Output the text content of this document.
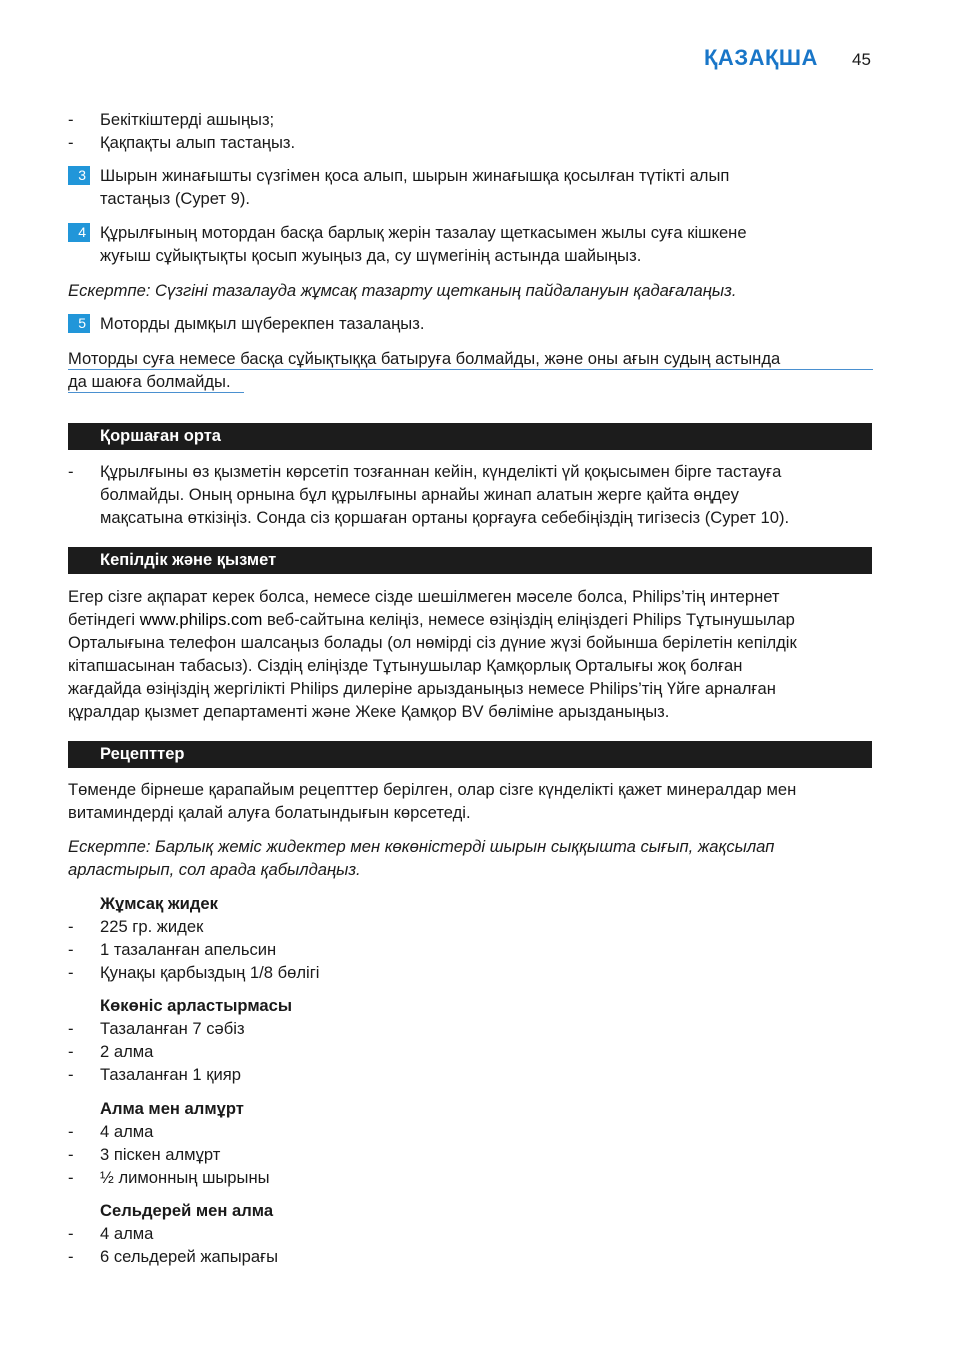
ҚАЗАҚША 45
- Бекіткіштерді ашыңыз;
- Қақпақты алып тастаңыз.
3 Шырын жинағышты сүзгімен қоса алып, шырын жинағышқа қосылған түтікті алып
тастаңыз (Сурет 9).
4 Құрылғының мотордан басқа барлық жерін тазалау щеткасымен жылы суға кішкене
жуғыш сұйықтықты қосып жуыңыз да, су шүмегінің астында шайыңыз.
Ескертпе: Сүзгіні тазалауда жұмсақ тазарту щетканың пайдалануын қадағалаңыз.
5 Моторды дымқыл шүберекпен тазалаңыз.
Моторды суға немесе басқа сұйықтыққа батыруға болмайды, және оны ағын судың астында
да шаюға болмайды.
Қоршаған орта
- Құрылғыны өз қызметін көрсетіп тозғаннан кейін, күнделікті үй қоқысымен бірге тастауға
болмайды. Оның орнына бұл құрылғыны арнайы жинап алатын жерге қайта өңдеу
мақсатына өткізіңіз. Сонда сіз қоршаған ортаны қорғауға себебіңіздің тигізесіз (Сурет 10).
Кепілдік және қызмет
Егер сізге ақпарат керек болса, немесе сізде шешілмеген мәселе болса, Philips’тің интернет
бетіндегі www.philips.com веб-сайтына келіңіз, немесе өзіңіздің еліңіздегі Philips Тұтынушылар
Орталығына телефон шалсаңыз болады (ол нөмірді сіз дүние жүзі бойынша берілетін кепілдік
кітапшасынан табасыз). Сіздің еліңізде Тұтынушылар Қамқорлық Орталығы жоқ болған
жағдайда өзіңіздің жергілікті Philips дилеріне арызданыңыз немесе Philips’тің Үйге арналған
құралдар қызмет департаменті және Жеке Қамқор BV бөліміне арызданыңыз.
Рецепттер
Төменде бірнеше қарапайым рецепттер берілген, олар сізге күнделікті қажет минералдар мен
витаминдерді қалай алуға болатындығын көрсетеді.
Ескертпе: Барлық жеміс жидектер мен көкөністерді шырын сыққышта сығып, жақсылап
арластырып, сол арада қабылдаңыз.
Жұмсақ жидек
- 225 гр. жидек
- 1 тазаланған апельсин
- Қунақы қарбыздың 1/8 бөлігі
Көкөніс арластырмасы
- Тазаланған 7 сәбіз
- 2 алма
- Тазаланған 1 қияр
Алма мен алмұрт
- 4 алма
- 3 піскен алмұрт
- ½ лимонның шырыны
Сельдерей мен алма
- 4 алма
- 6 сельдерей жапырағы
